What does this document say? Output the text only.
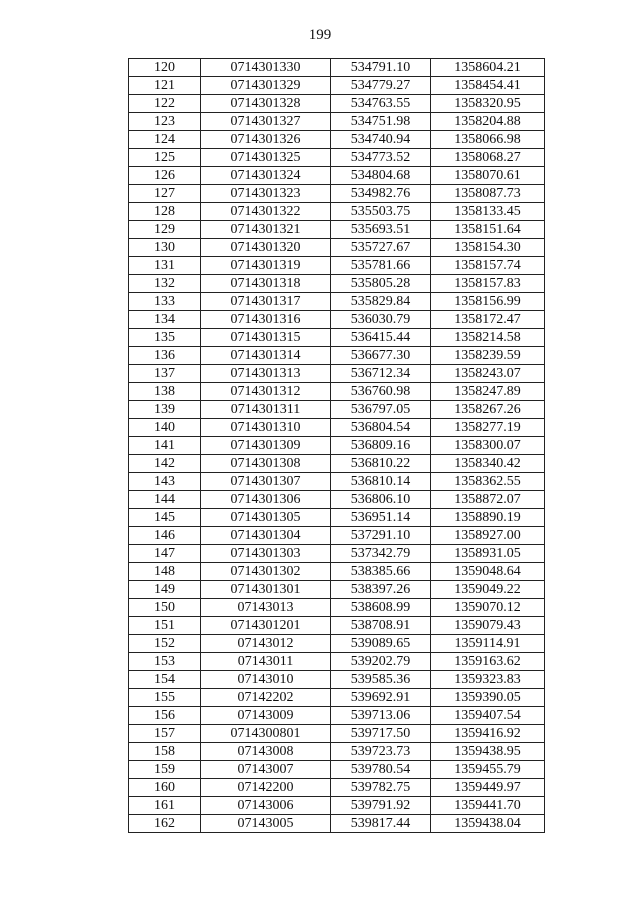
199
120	0714301330	534791.10	1358604.21
121	0714301329	534779.27	1358454.41
122	0714301328	534763.55	1358320.95
123	0714301327	534751.98	1358204.88
124	0714301326	534740.94	1358066.98
125	0714301325	534773.52	1358068.27
126	0714301324	534804.68	1358070.61
127	0714301323	534982.76	1358087.73
128	0714301322	535503.75	1358133.45
129	0714301321	535693.51	1358151.64
130	0714301320	535727.67	1358154.30
131	0714301319	535781.66	1358157.74
132	0714301318	535805.28	1358157.83
133	0714301317	535829.84	1358156.99
134	0714301316	536030.79	1358172.47
135	0714301315	536415.44	1358214.58
136	0714301314	536677.30	1358239.59
137	0714301313	536712.34	1358243.07
138	0714301312	536760.98	1358247.89
139	0714301311	536797.05	1358267.26
140	0714301310	536804.54	1358277.19
141	0714301309	536809.16	1358300.07
142	0714301308	536810.22	1358340.42
143	0714301307	536810.14	1358362.55
144	0714301306	536806.10	1358872.07
145	0714301305	536951.14	1358890.19
146	0714301304	537291.10	1358927.00
147	0714301303	537342.79	1358931.05
148	0714301302	538385.66	1359048.64
149	0714301301	538397.26	1359049.22
150	07143013	538608.99	1359070.12
151	0714301201	538708.91	1359079.43
152	07143012	539089.65	1359114.91
153	07143011	539202.79	1359163.62
154	07143010	539585.36	1359323.83
155	07142202	539692.91	1359390.05
156	07143009	539713.06	1359407.54
157	0714300801	539717.50	1359416.92
158	07143008	539723.73	1359438.95
159	07143007	539780.54	1359455.79
160	07142200	539782.75	1359449.97
161	07143006	539791.92	1359441.70
162	07143005	539817.44	1359438.04
